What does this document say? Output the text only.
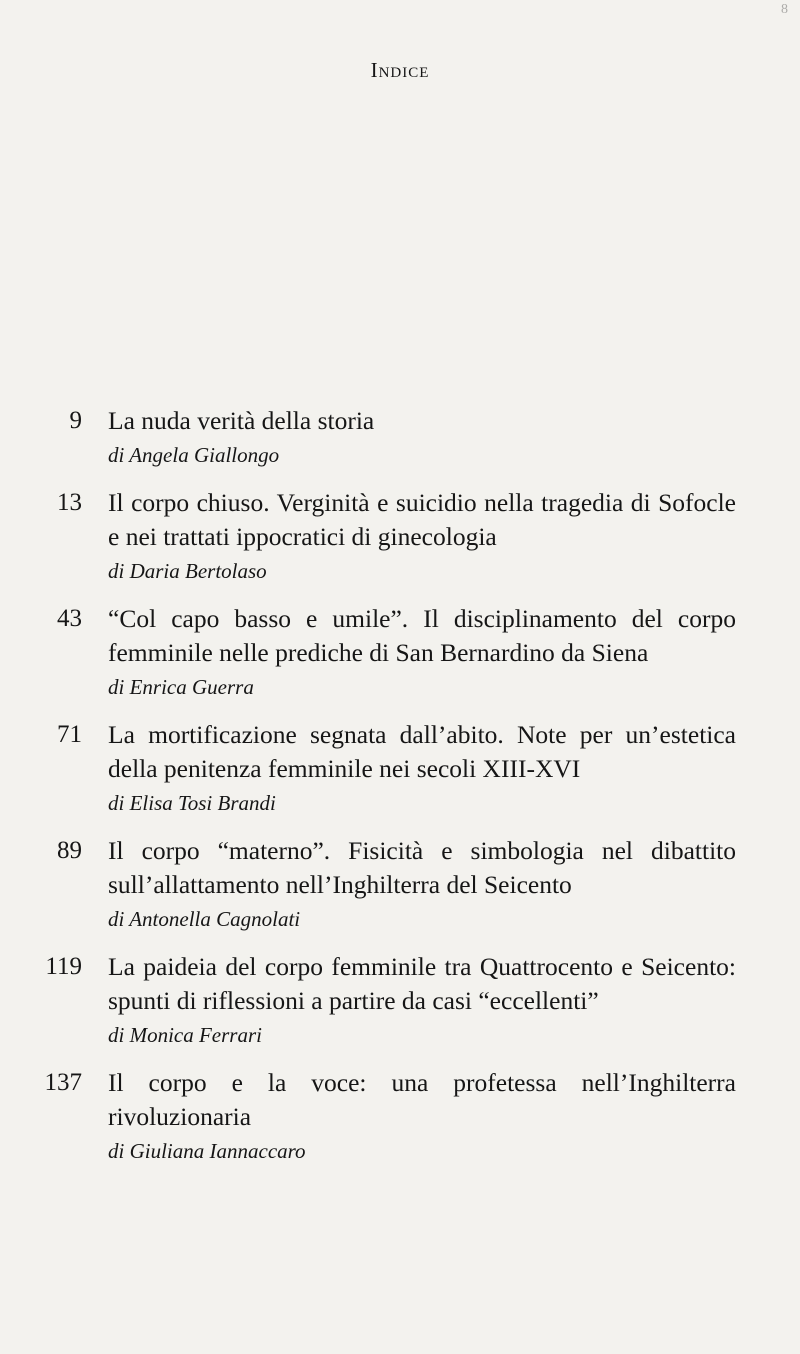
8
Indice
9 La nuda verità della storia
di Angela Giallongo
13 Il corpo chiuso. Verginità e suicidio nella tragedia di Sofocle e nei trattati ippocratici di ginecologia
di Daria Bertolaso
43 “Col capo basso e umile”. Il disciplinamento del corpo femminile nelle prediche di San Bernardino da Siena
di Enrica Guerra
71 La mortificazione segnata dall’abito. Note per un’estetica della penitenza femminile nei secoli XIII-XVI
di Elisa Tosi Brandi
89 Il corpo “materno”. Fisicità e simbologia nel dibattito sull’allattamento nell’Inghilterra del Seicento
di Antonella Cagnolati
119 La paideia del corpo femminile tra Quattrocento e Seicento: spunti di riflessioni a partire da casi “eccellenti”
di Monica Ferrari
137 Il corpo e la voce: una profetessa nell’Inghilterra rivoluzionaria
di Giuliana Iannaccaro
